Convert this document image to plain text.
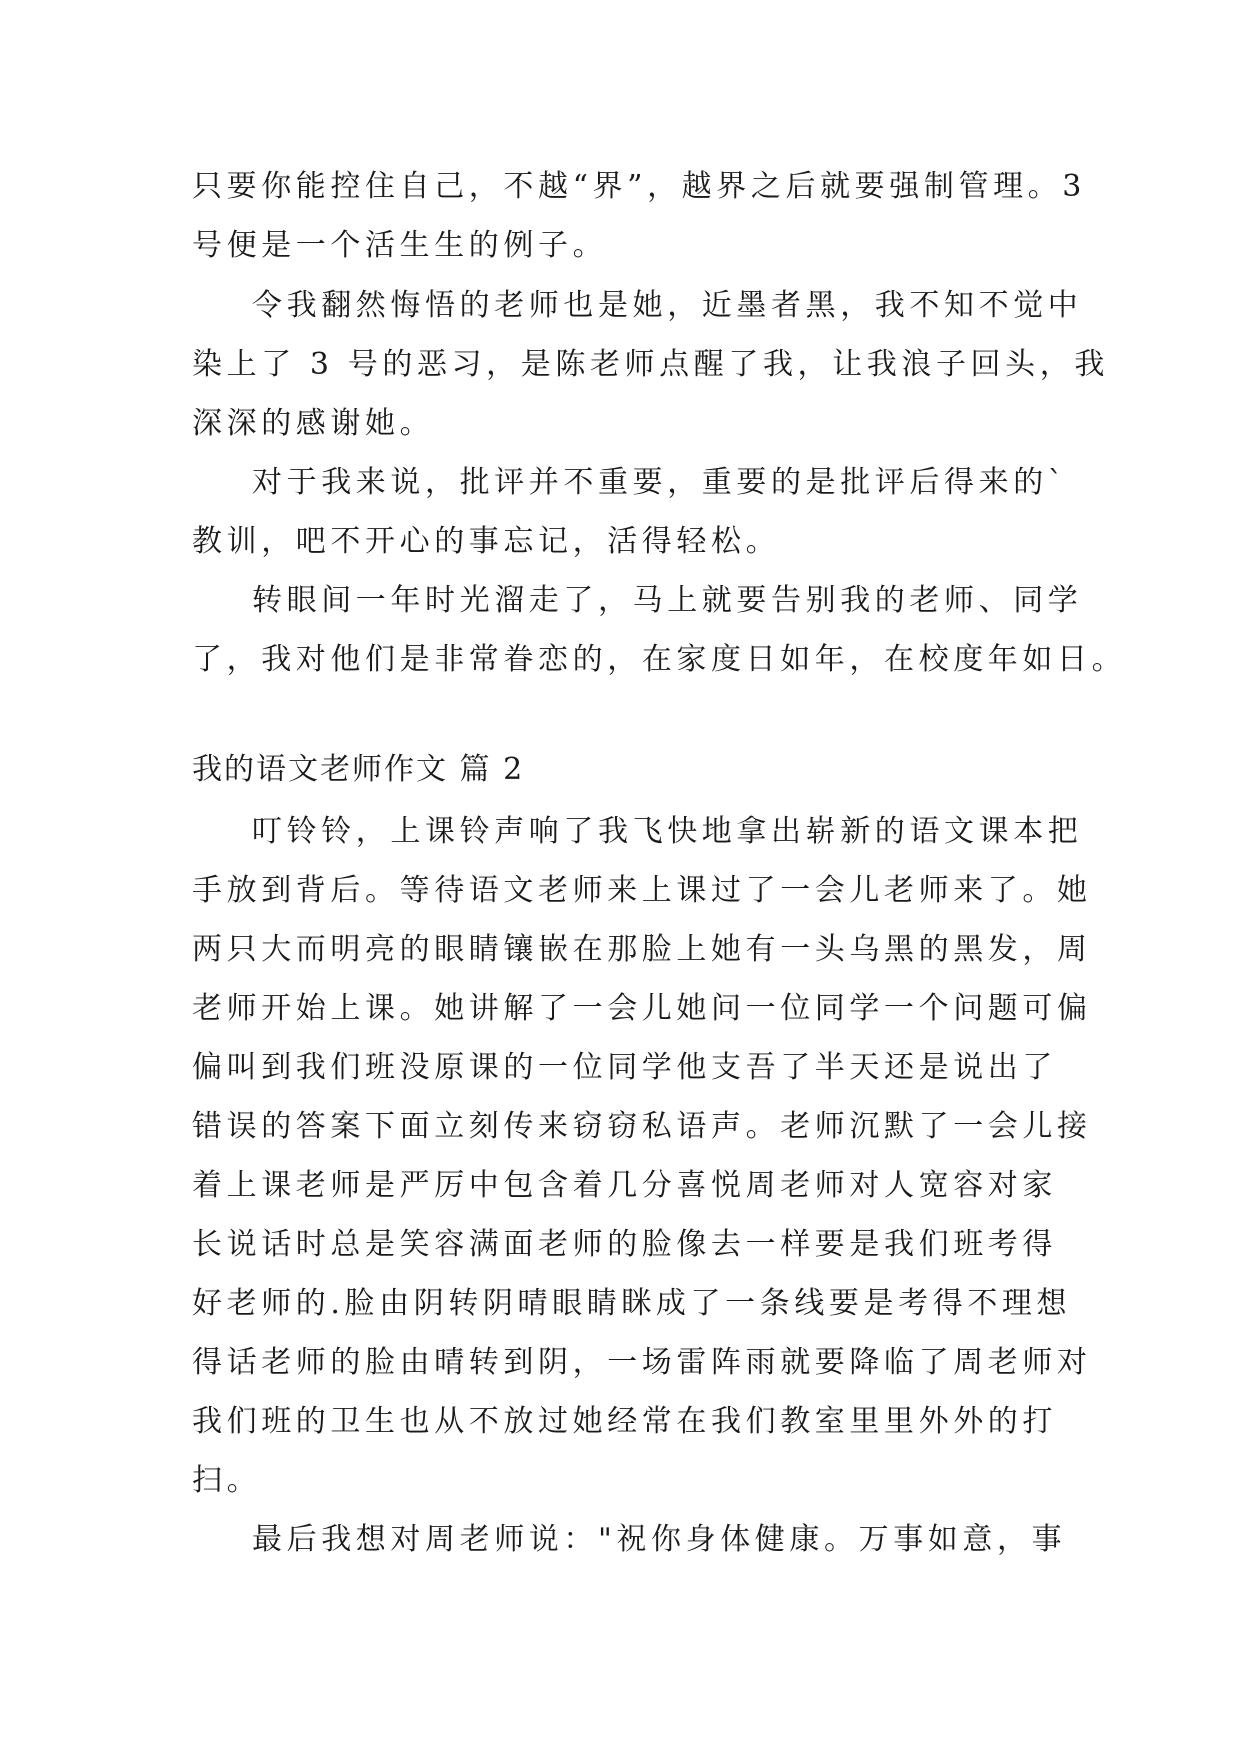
只要你能控住自己，不越“界”，越界之后就要强制管理。3

号便是一个活生生的例子。

令我翻然悔悟的老师也是她，近墨者黑，我不知不觉中

染上了 3 号的恶习，是陈老师点醒了我，让我浪子回头，我

深深的感谢她。

对于我来说，批评并不重要，重要的是批评后得来的`

教训，吧不开心的事忘记，活得轻松。

转眼间一年时光溜走了，马上就要告别我的老师、同学

了，我对他们是非常眷恋的，在家度日如年，在校度年如日。

我的语文老师作文 篇 2

叮铃铃，上课铃声响了我飞快地拿出崭新的语文课本把

手放到背后。等待语文老师来上课过了一会儿老师来了。她

两只大而明亮的眼睛镶嵌在那脸上她有一头乌黑的黑发，周

老师开始上课。她讲解了一会儿她问一位同学一个问题可偏

偏叫到我们班没原课的一位同学他支吾了半天还是说出了

错误的答案下面立刻传来窃窃私语声。老师沉默了一会儿接

着上课老师是严厉中包含着几分喜悦周老师对人宽容对家

长说话时总是笑容满面老师的脸像去一样要是我们班考得

好老师的.脸由阴转阴晴眼睛眯成了一条线要是考得不理想

得话老师的脸由晴转到阴，一场雷阵雨就要降临了周老师对

我们班的卫生也从不放过她经常在我们教室里里外外的打

扫。

最后我想对周老师说："祝你身体健康。万事如意，事
